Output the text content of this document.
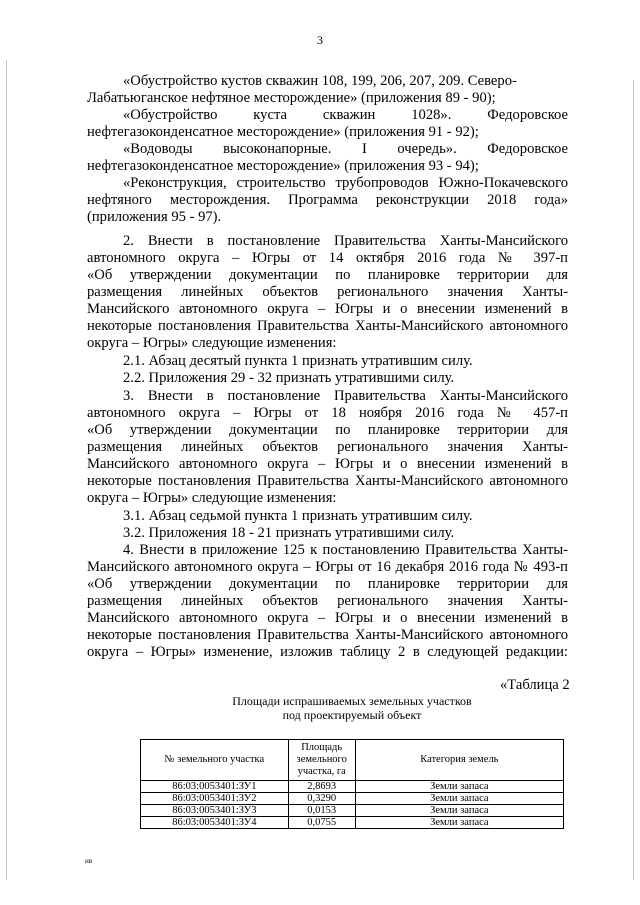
3
«Обустройство кустов скважин 108, 199, 206, 207, 209. Северо-
Лабатьюганское нефтяное месторождение» (приложения 89 - 90);
«Обустройство куста скважин 1028». Федоровское
нефтегазоконденсатное месторождение» (приложения 91 - 92);
«Водоводы высоконапорные. I очередь». Федоровское
нефтегазоконденсатное месторождение» (приложения 93 - 94);
«Реконструкция, строительство трубопроводов Южно-Покачевского
нефтяного месторождения. Программа реконструкции 2018 года»
(приложения 95 - 97).
2. Внести в постановление Правительства Ханты-Мансийского
автономного округа – Югры от 14 октября 2016 года № 397-п
«Об утверждении документации по планировке территории для
размещения линейных объектов регионального значения Ханты-
Мансийского автономного округа – Югры и о внесении изменений в
некоторые постановления Правительства Ханты-Мансийского автономного
округа – Югры» следующие изменения:
2.1. Абзац десятый пункта 1 признать утратившим силу.
2.2. Приложения 29 - 32 признать утратившими силу.
3. Внести в постановление Правительства Ханты-Мансийского
автономного округа – Югры от 18 ноября 2016 года № 457-п
«Об утверждении документации по планировке территории для
размещения линейных объектов регионального значения Ханты-
Мансийского автономного округа – Югры и о внесении изменений в
некоторые постановления Правительства Ханты-Мансийского автономного
округа – Югры» следующие изменения:
3.1. Абзац седьмой пункта 1 признать утратившим силу.
3.2. Приложения 18 - 21 признать утратившими силу.
4. Внести в приложение 125 к постановлению Правительства Ханты-
Мансийского автономного округа – Югры от 16 декабря 2016 года № 493-п
«Об утверждении документации по планировке территории для
размещения линейных объектов регионального значения Ханты-
Мансийского автономного округа – Югры и о внесении изменений в
некоторые постановления Правительства Ханты-Мансийского автономного
округа – Югры» изменение, изложив таблицу 2 в следующей редакции:
«Таблица 2
Площади испрашиваемых земельных участков
под проектируемый объект
№ земельного участка	Площадь земельного участка, га	Категория земель
86:03:0053401:ЗУ1	2,8693	Земли запаса
86:03:0053401:ЗУ2	0,3290	Земли запаса
86:03:0053401:ЗУ3	0,0153	Земли запаса
86:03:0053401:ЗУ4	0,0755	Земли запаса
нв
